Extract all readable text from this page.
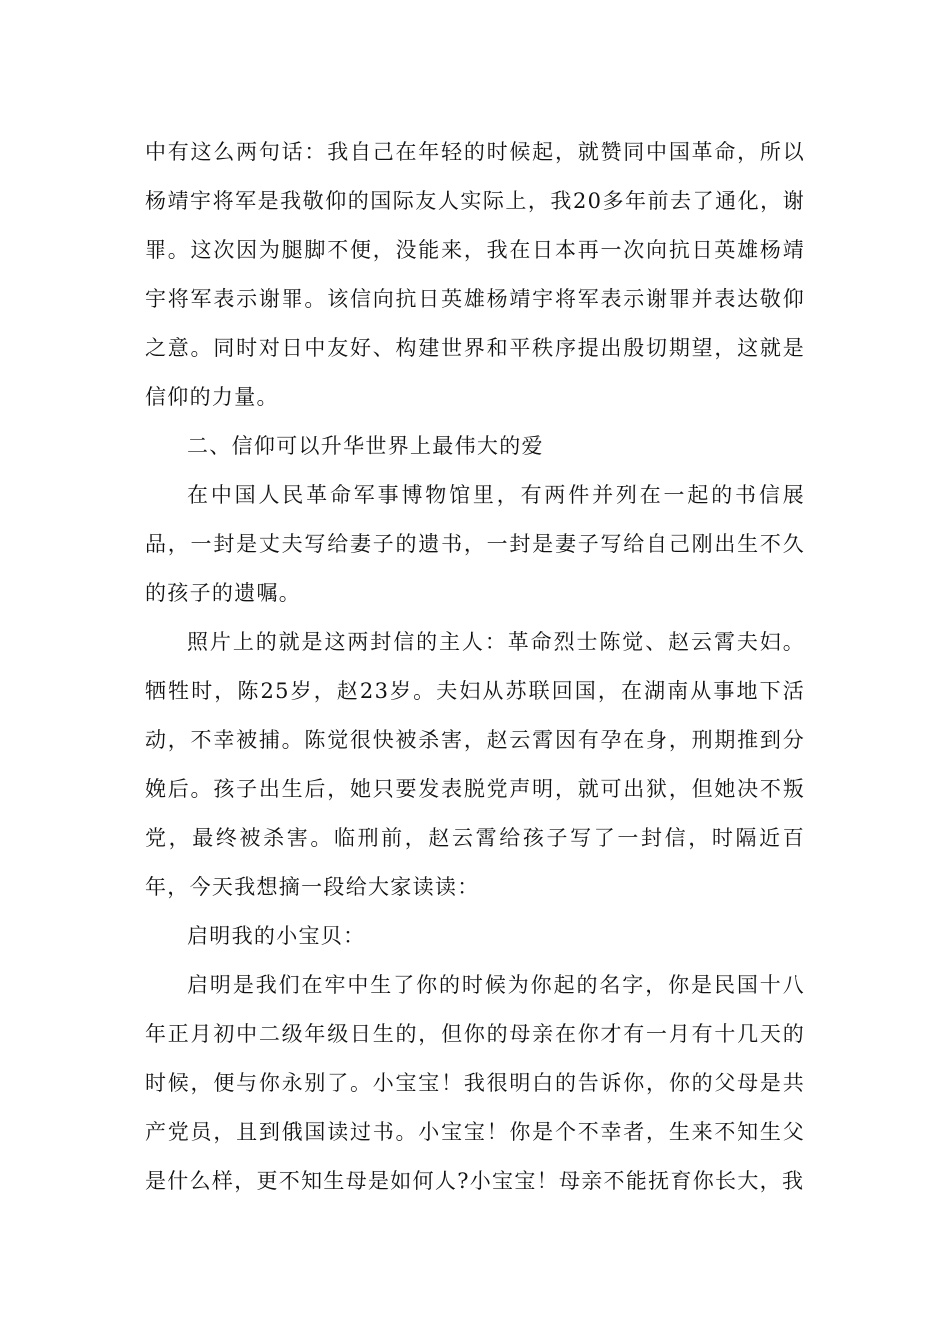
中有这么两句话：我自己在年轻的时候起，就赞同中国革命，所以杨靖宇将军是我敬仰的国际友人实际上，我20多年前去了通化，谢罪。这次因为腿脚不便，没能来，我在日本再一次向抗日英雄杨靖宇将军表示谢罪。该信向抗日英雄杨靖宇将军表示谢罪并表达敬仰之意。同时对日中友好、构建世界和平秩序提出殷切期望，这就是信仰的力量。

二、信仰可以升华世界上最伟大的爱

在中国人民革命军事博物馆里，有两件并列在一起的书信展品，一封是丈夫写给妻子的遗书，一封是妻子写给自己刚出生不久的孩子的遗嘱。

照片上的就是这两封信的主人：革命烈士陈觉、赵云霄夫妇。牺牲时，陈25岁，赵23岁。夫妇从苏联回国，在湖南从事地下活动，不幸被捕。陈觉很快被杀害，赵云霄因有孕在身，刑期推到分娩后。孩子出生后，她只要发表脱党声明，就可出狱，但她决不叛党，最终被杀害。临刑前，赵云霄给孩子写了一封信，时隔近百年，今天我想摘一段给大家读读：

启明我的小宝贝：

启明是我们在牢中生了你的时候为你起的名字，你是民国十八年正月初中二级年级日生的，但你的母亲在你才有一月有十几天的时候，便与你永别了。小宝宝！我很明白的告诉你，你的父母是共产党员，且到俄国读过书。小宝宝！你是个不幸者，生来不知生父是什么样，更不知生母是如何人?小宝宝！母亲不能抚育你长大，我
